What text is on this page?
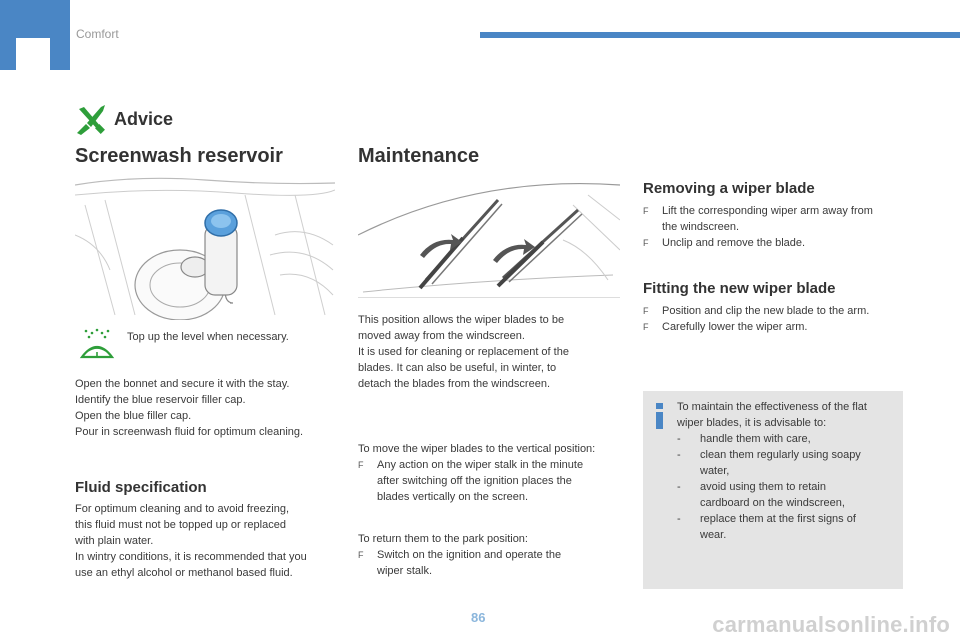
Comfort
Advice
Screenwash reservoir
Top up the level when necessary.
Open the bonnet and secure it with the stay.
Identify the blue reservoir filler cap.
Open the blue filler cap.
Pour in screenwash fluid for optimum cleaning.
Fluid specification
For optimum cleaning and to avoid freezing,
this fluid must not be topped up or replaced
with plain water.
In wintry conditions, it is recommended that you
use an ethyl alcohol or methanol based fluid.
Maintenance
This position allows the wiper blades to be
moved away from the windscreen.
It is used for cleaning or replacement of the
blades. It can also be useful, in winter, to
detach the blades from the windscreen.
To move the wiper blades to the vertical position:
F Any action on the wiper stalk in the minute
after switching off the ignition places the
blades vertically on the screen.
To return them to the park position:
F Switch on the ignition and operate the
wiper stalk.
Removing a wiper blade
F Lift the corresponding wiper arm away from
the windscreen.
F Unclip and remove the blade.
Fitting the new wiper blade
F Position and clip the new blade to the arm.
F Carefully lower the wiper arm.
To maintain the effectiveness of the flat
wiper blades, it is advisable to:
- handle them with care,
- clean them regularly using soapy
water,
- avoid using them to retain
cardboard on the windscreen,
- replace them at the first signs of
wear.
86	carmanualsonline.info
